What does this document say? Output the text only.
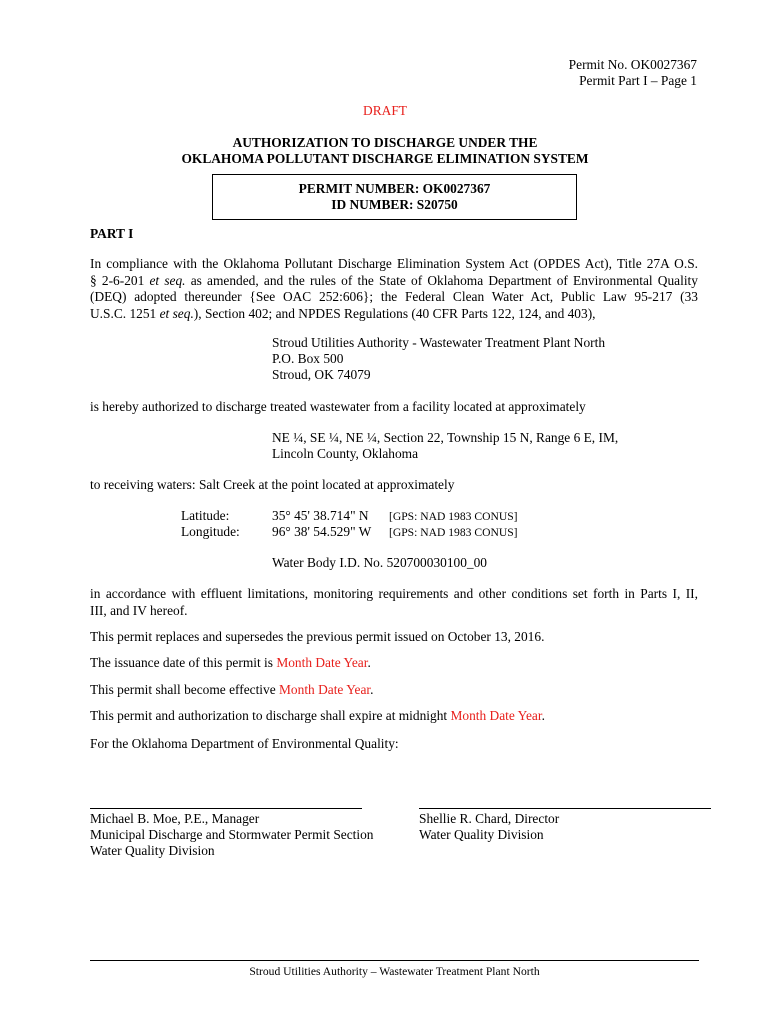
Permit No. OK0027367
Permit Part I – Page 1
DRAFT
AUTHORIZATION TO DISCHARGE UNDER THE
OKLAHOMA POLLUTANT DISCHARGE ELIMINATION SYSTEM
PERMIT NUMBER: OK0027367
ID NUMBER: S20750
PART I
In compliance with the Oklahoma Pollutant Discharge Elimination System Act (OPDES Act), Title 27A O.S.
§ 2-6-201 et seq. as amended, and the rules of the State of Oklahoma Department of Environmental Quality
(DEQ) adopted thereunder {See OAC 252:606}; the Federal Clean Water Act, Public Law 95-217 (33
U.S.C. 1251 et seq.), Section 402; and NPDES Regulations (40 CFR Parts 122, 124, and 403),
Stroud Utilities Authority - Wastewater Treatment Plant North
P.O. Box 500
Stroud, OK 74079
is hereby authorized to discharge treated wastewater from a facility located at approximately
NE ¼, SE ¼, NE ¼, Section 22, Township 15 N, Range 6 E, IM,
Lincoln County, Oklahoma
to receiving waters: Salt Creek at the point located at approximately
Latitude:	35° 45' 38.714" N [GPS: NAD 1983 CONUS]
Longitude: 96° 38' 54.529" W [GPS: NAD 1983 CONUS]
Water Body I.D. No. 520700030100_00
in accordance with effluent limitations, monitoring requirements and other conditions set forth in Parts I, II,
III, and IV hereof.
This permit replaces and supersedes the previous permit issued on October 13, 2016.
The issuance date of this permit is Month Date Year.
This permit shall become effective Month Date Year.
This permit and authorization to discharge shall expire at midnight Month Date Year.
For the Oklahoma Department of Environmental Quality:
Michael B. Moe, P.E., Manager
Municipal Discharge and Stormwater Permit Section
Water Quality Division
Shellie R. Chard, Director
Water Quality Division
Stroud Utilities Authority – Wastewater Treatment Plant North
